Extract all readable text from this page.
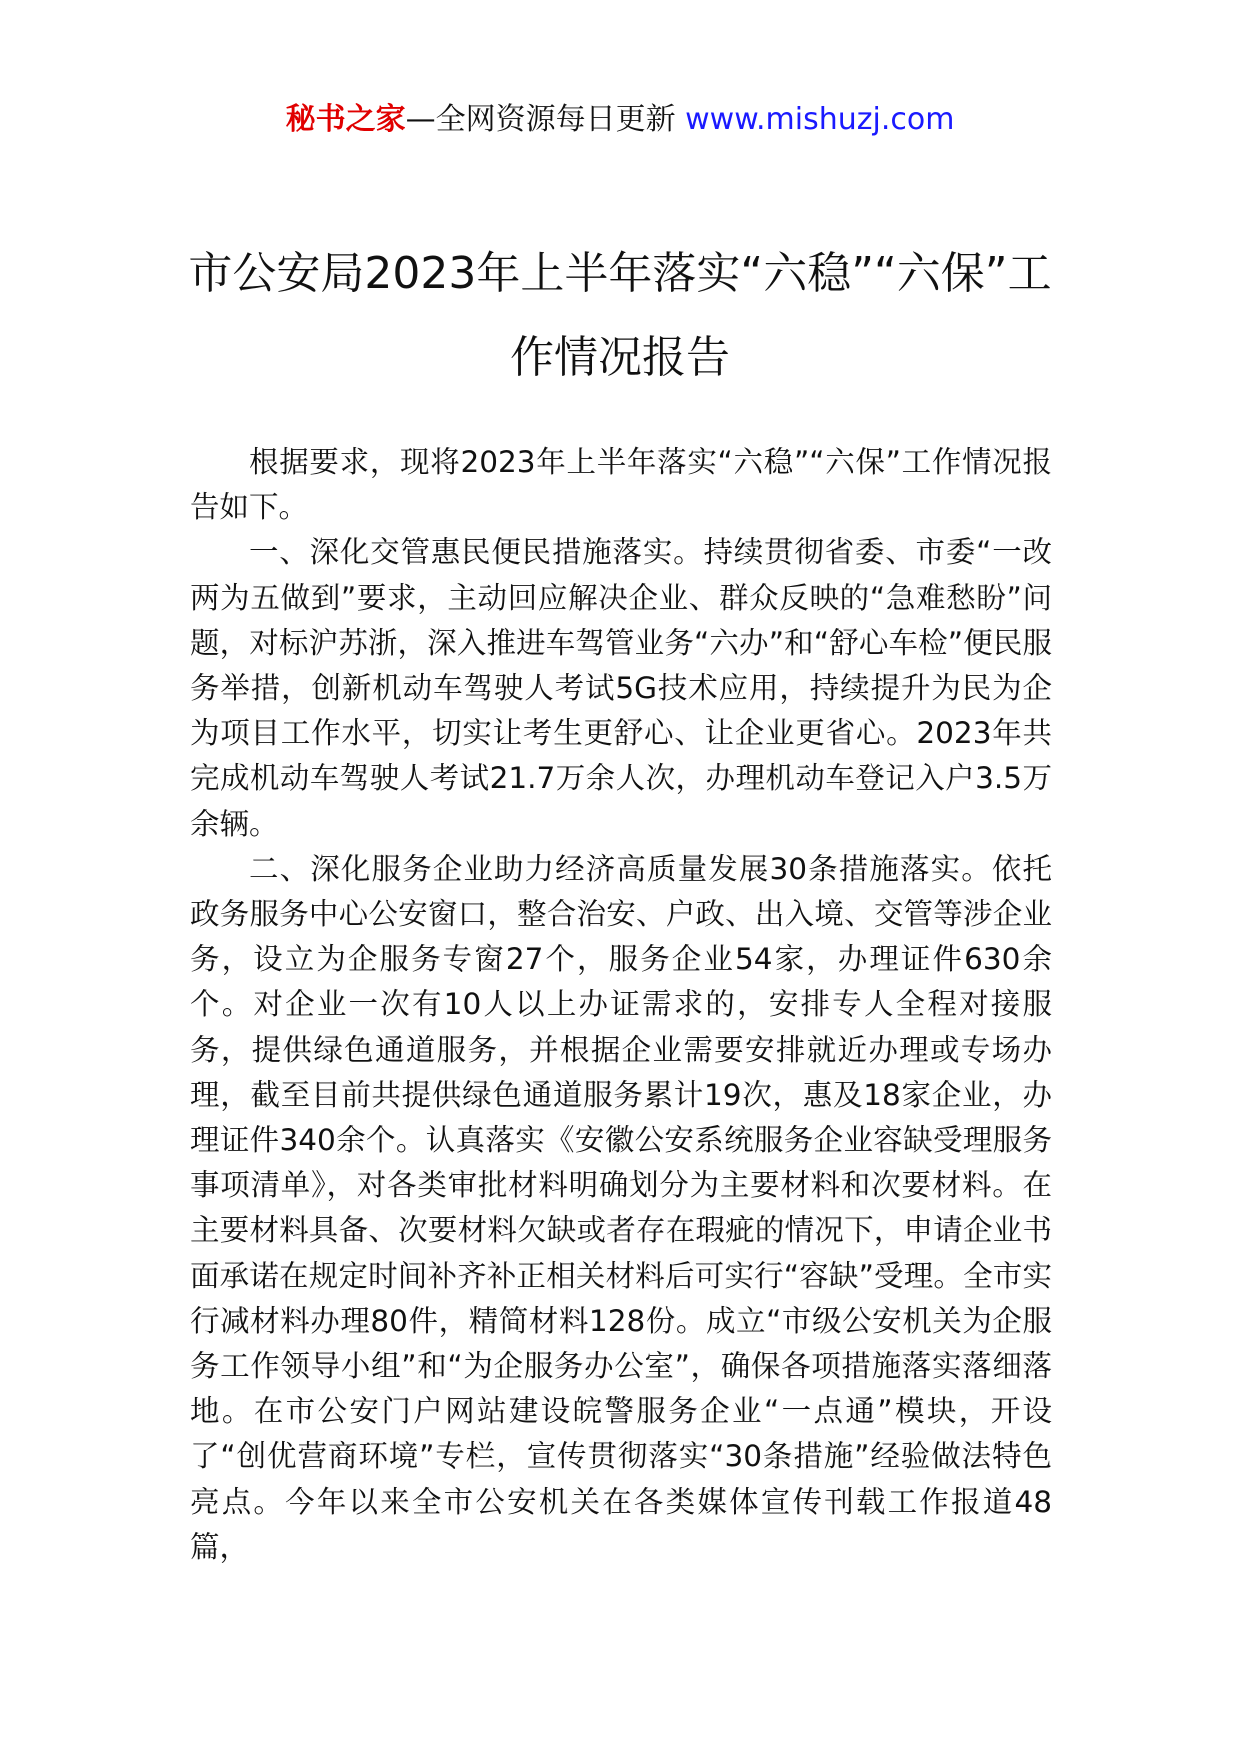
秘书之家—全网资源每日更新 www.mishuzj.com
市公安局2023年上半年落实“六稳”“六保”工作情况报告

根据要求，现将2023年上半年落实“六稳”“六保”工作情况报告如下。

一、深化交管惠民便民措施落实。持续贯彻省委、市委“一改两为五做到”要求，主动回应解决企业、群众反映的“急难愁盼”问题，对标沪苏浙，深入推进车驾管业务“六办”和“舒心车检”便民服务举措，创新机动车驾驶人考试5G技术应用，持续提升为民为企为项目工作水平，切实让考生更舒心、让企业更省心。2023年共完成机动车驾驶人考试21.7万余人次，办理机动车登记入户3.5万余辆。

二、深化服务企业助力经济高质量发展30条措施落实。依托政务服务中心公安窗口，整合治安、户政、出入境、交管等涉企业务，设立为企服务专窗27个，服务企业54家，办理证件630余个。对企业一次有10人以上办证需求的，安排专人全程对接服务，提供绿色通道服务，并根据企业需要安排就近办理或专场办理，截至目前共提供绿色通道服务累计19次，惠及18家企业，办理证件340余个。认真落实《安徽公安系统服务企业容缺受理服务事项清单》，对各类审批材料明确划分为主要材料和次要材料。在主要材料具备、次要材料欠缺或者存在瑕疵的情况下，申请企业书面承诺在规定时间补齐补正相关材料后可实行“容缺”受理。全市实行减材料办理80件，精简材料128份。成立“市级公安机关为企服务工作领导小组”和“为企服务办公室”，确保各项措施落实落细落地。在市公安门户网站建设皖警服务企业“一点通”模块，开设了“创优营商环境”专栏，宣传贯彻落实“30条措施”经验做法特色亮点。今年以来全市公安机关在各类媒体宣传刊载工作报道48篇，
